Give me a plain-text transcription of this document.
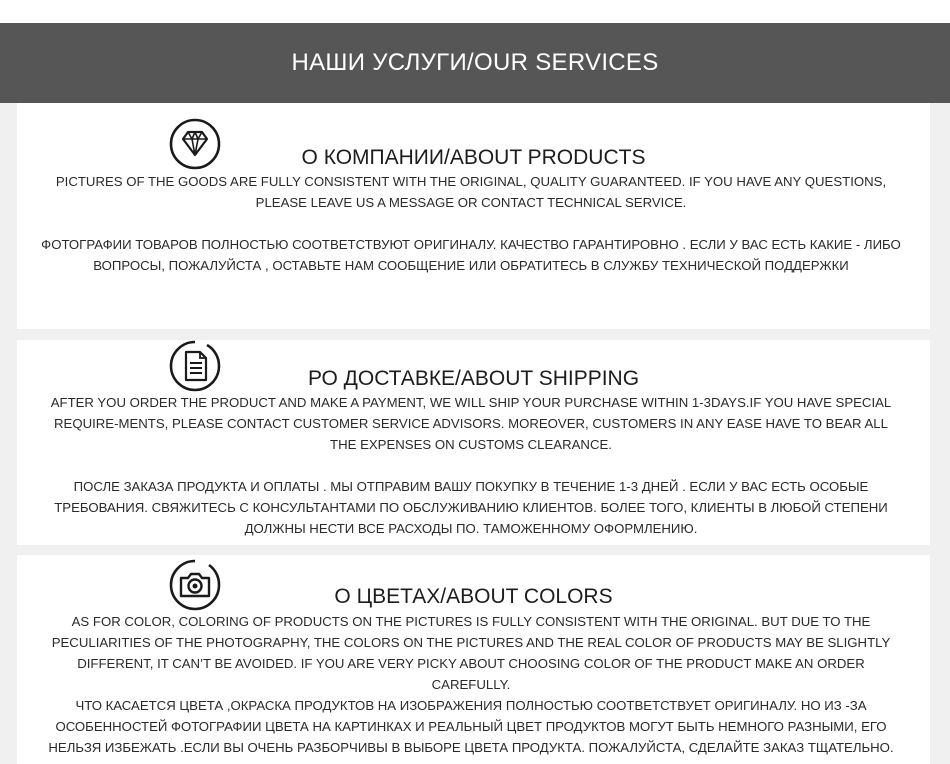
НАШИ УСЛУГИ/OUR SERVICES
О КОМПАНИИ/ABOUT PRODUCTS
PICTURES OF THE GOODS ARE FULLY CONSISTENT WITH THE ORIGINAL, QUALITY GUARANTEED. IF YOU HAVE ANY QUESTIONS, PLEASE LEAVE US A MESSAGE OR CONTACT TECHNICAL SERVICE.
ФОТОГРАФИИ ТОВАРОВ ПОЛНОСТЬЮ СООТВЕТСТВУЮТ ОРИГИНАЛУ. КАЧЕСТВО ГАРАНТИРОВНО . ЕСЛИ У ВАС ЕСТЬ КАКИЕ - ЛИБО ВОПРОСЫ, ПОЖАЛУЙСТА , ОСТАВЬТЕ НАМ СООБЩЕНИЕ ИЛИ ОБРАТИТЕСЬ В СЛУЖБУ ТЕХНИЧЕСКОЙ ПОДДЕРЖКИ
РО ДОСТАВКЕ/ABOUT SHIPPING
AFTER YOU ORDER THE PRODUCT AND MAKE A PAYMENT, WE WILL SHIP YOUR PURCHASE WITHIN 1-3DAYS.IF YOU HAVE SPECIAL REQUIRE-MENTS, PLEASE CONTACT CUSTOMER SERVICE ADVISORS. MOREOVER, CUSTOMERS IN ANY EASE HAVE TO BEAR ALL THE EXPENSES ON CUSTOMS CLEARANCE.
ПОСЛЕ ЗАКАЗА ПРОДУКТА И ОПЛАТЫ . МЫ ОТПРАВИМ ВАШУ ПОКУПКУ В ТЕЧЕНИЕ 1-3 ДНЕЙ . ЕСЛИ У ВАС ЕСТЬ ОСОБЫЕ ТРЕБОВАНИЯ. СВЯЖИТЕСЬ С КОНСУЛЬТАНТАМИ ПО ОБСЛУЖИВАНИЮ КЛИЕНТОВ. БОЛЕЕ ТОГО, КЛИЕНТЫ В ЛЮБОЙ СТЕПЕНИ ДОЛЖНЫ НЕСТИ ВСЕ РАСХОДЫ ПО. ТАМОЖЕННОМУ ОФОРМЛЕНИЮ.
О ЦВЕТАХ/ABOUT COLORS
AS FOR COLOR, COLORING OF PRODUCTS ON THE PICTURES IS FULLY CONSISTENT WITH THE ORIGINAL. BUT DUE TO THE PECULIARITIES OF THE PHOTOGRAPHY, THE COLORS ON THE PICTURES AND THE REAL COLOR OF PRODUCTS MAY BE SLIGHTLY DIFFERENT, IT CAN’T BE AVOIDED. IF YOU ARE VERY PICKY ABOUT CHOOSING COLOR OF THE PRODUCT MAKE AN ORDER CAREFULLY.
ЧТО КАСАЕТСЯ ЦВЕТА ,ОКРАСКА ПРОДУКТОВ НА ИЗОБРАЖЕНИЯ ПОЛНОСТЬЮ СООТВЕТСТВУЕТ ОРИГИНАЛУ. НО ИЗ -ЗА ОСОБЕННОСТЕЙ ФОТОГРАФИИ ЦВЕТА НА КАРТИНКАХ И РЕАЛЬНЫЙ ЦВЕТ ПРОДУКТОВ МОГУТ БЫТЬ НЕМНОГО РАЗНЫМИ, ЕГО НЕЛЬЗЯ ИЗБЕЖАТЬ .ЕСЛИ ВЫ ОЧЕНЬ РАЗБОРЧИВЫ В ВЫБОРЕ ЦВЕТА ПРОДУКТА. ПОЖАЛУЙСТА, СДЕЛАЙТЕ ЗАКАЗ ТЩАТЕЛЬНО.
